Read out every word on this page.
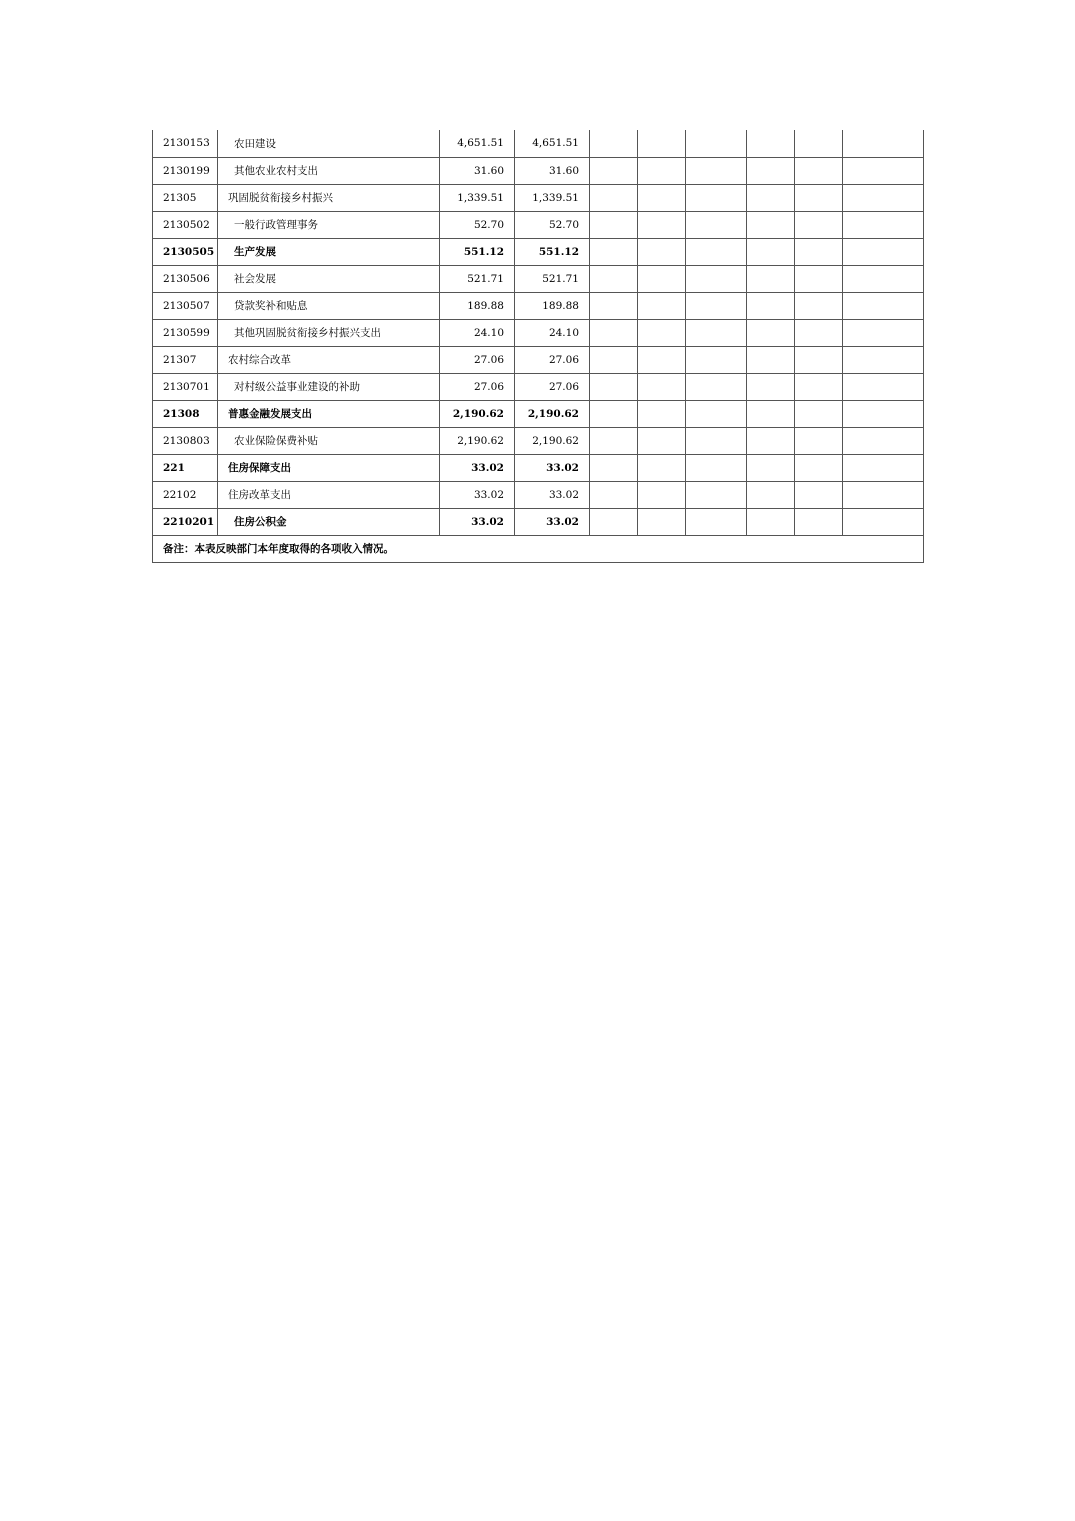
2130153	农田建设	4,651.51	4,651.51						
2130199	其他农业农村支出	31.60	31.60						
21305	巩固脱贫衔接乡村振兴	1,339.51	1,339.51						
2130502	一般行政管理事务	52.70	52.70						
2130505	生产发展	551.12	551.12						
2130506	社会发展	521.71	521.71						
2130507	贷款奖补和贴息	189.88	189.88						
2130599	其他巩固脱贫衔接乡村振兴支出	24.10	24.10						
21307	农村综合改革	27.06	27.06						
2130701	对村级公益事业建设的补助	27.06	27.06						
21308	普惠金融发展支出	2,190.62	2,190.62						
2130803	农业保险保费补贴	2,190.62	2,190.62						
221	住房保障支出	33.02	33.02						
22102	住房改革支出	33.02	33.02						
2210201	住房公积金	33.02	33.02						
备注：本表反映部门本年度取得的各项收入情况。									
